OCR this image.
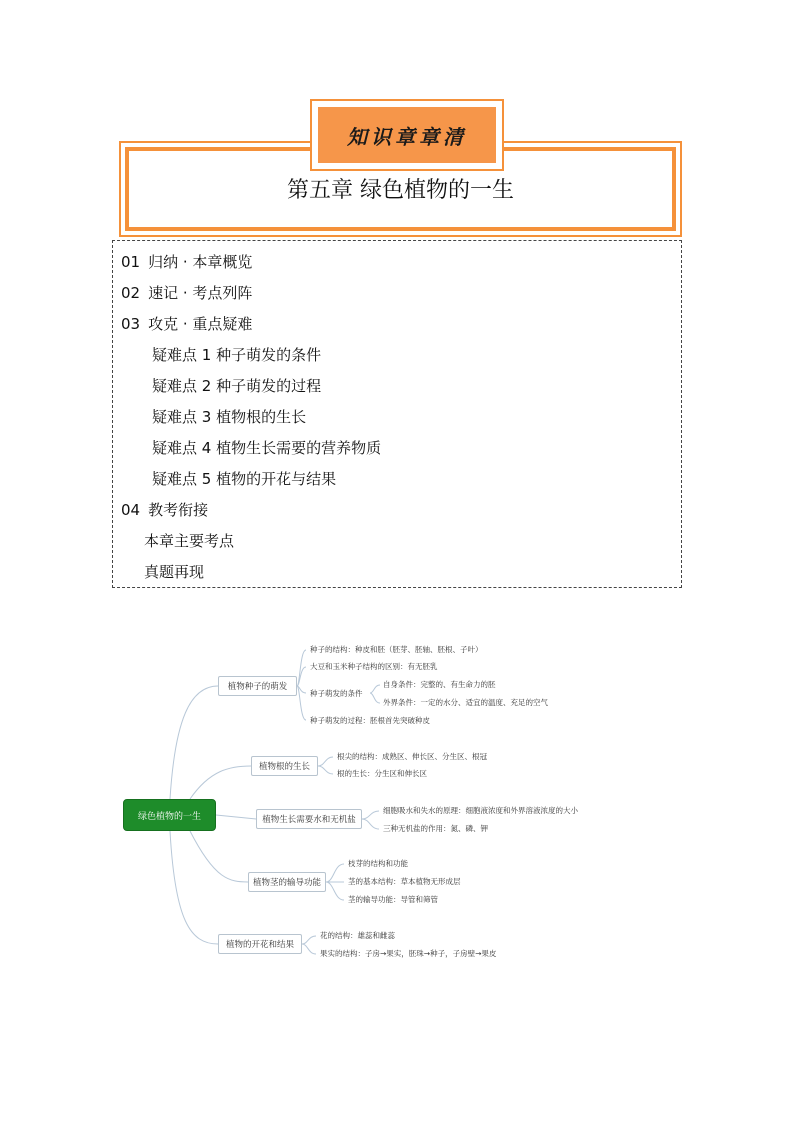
第五章 绿色植物的一生
知识章章清
01 归纳 · 本章概览
02 速记 · 考点列阵
03 攻克 · 重点疑难
疑难点 1 种子萌发的条件
疑难点 2 种子萌发的过程
疑难点 3 植物根的生长
疑难点 4 植物生长需要的营养物质
疑难点 5 植物的开花与结果
04 教考衔接
本章主要考点
真题再现
绿色植物的一生
植物种子的萌发
植物根的生长
植物生长需要水和无机盐
植物茎的输导功能
植物的开花和结果
种子的结构：种皮和胚（胚芽、胚轴、胚根、子叶）
大豆和玉米种子结构的区别：有无胚乳
种子萌发的条件
自身条件：完整的、有生命力的胚
外界条件：一定的水分、适宜的温度、充足的空气
种子萌发的过程：胚根首先突破种皮
根尖的结构：成熟区、伸长区、分生区、根冠
根的生长：分生区和伸长区
细胞吸水和失水的原理：细胞液浓度和外界溶液浓度的大小
三种无机盐的作用：氮、磷、钾
枝芽的结构和功能
茎的基本结构：草本植物无形成层
茎的输导功能：导管和筛管
花的结构：雄蕊和雌蕊
果实的结构：子房→果实，胚珠→种子，子房壁→果皮
